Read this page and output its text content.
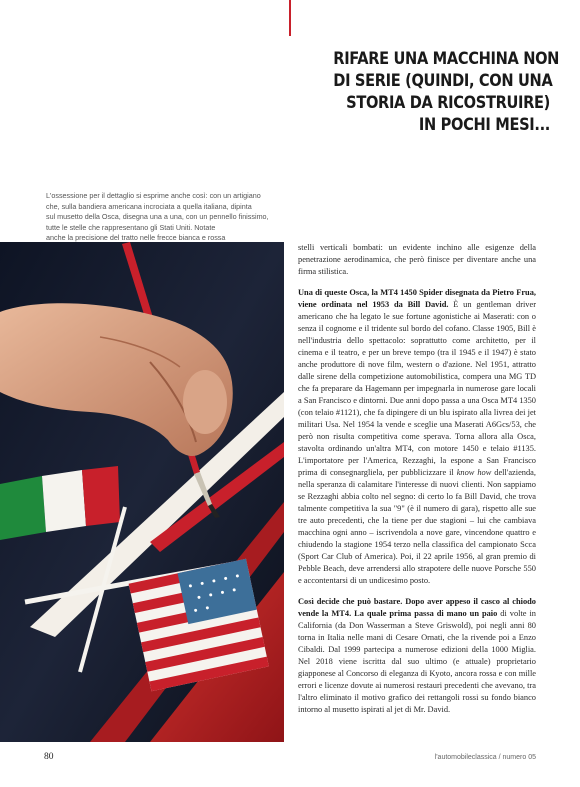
RIFARE UNA MACCHINA NON
DI SERIE (QUINDI, CON UNA
STORIA DA RICOSTRUIRE)
IN POCHI MESI...
L'ossessione per il dettaglio si esprime anche così: con un artigiano
che, sulla bandiera americana incrociata a quella italiana, dipinta
sul musetto della Osca, disegna una a una, con un pennello finissimo,
tutte le stelle che rappresentano gli Stati Uniti. Notate
anche la precisione del tratto nelle frecce bianca e rossa

stelli verticali bombati: un evidente inchino alle esigenze della penetrazione aerodinamica, che però finisce per diventare anche una firma stilistica.

Una di queste Osca, la MT4 1450 Spider disegnata da Pietro Frua, viene ordinata nel 1953 da Bill David. È un gentleman driver americano che ha legato le sue fortune agonistiche ai Maserati: con o senza il cognome e il tridente sul bordo del cofano. Classe 1905, Bill è nell'industria dello spettacolo: soprattutto come architetto, per il cinema e il teatro, e per un breve tempo (tra il 1945 e il 1947) è stato anche produttore di nove film, western o d'azione. Nel 1951, attratto dalle sirene della competizione automobilistica, compera una MG TD che fa preparare da Hagemann per impegnarla in numerose gare locali a San Francisco e dintorni. Due anni dopo passa a una Osca MT4 1350 (con telaio #1121), che fa dipingere di un blu ispirato alla livrea dei jet militari Usa. Nel 1954 la vende e sceglie una Maserati A6Gcs/53, che però non risulta competitiva come sperava. Torna allora alla Osca, stavolta ordinando un'altra MT4, con motore 1450 e telaio #1135. L'importatore per l'America, Rezzaghi, la espone a San Francisco prima di consegnargliela, per pubblicizzare il know how dell'azienda, nella speranza di calamitare l'interesse di nuovi clienti. Non sappiamo se Rezzaghi abbia colto nel segno: di certo lo fa Bill David, che trova talmente competitiva la sua "9" (è il numero di gara), rispetto alle sue tre auto precedenti, che la tiene per due stagioni – lui che cambiava macchina ogni anno – iscrivendola a nove gare, vincendone quattro e chiudendo la stagione 1954 terzo nella classifica del campionato Scca (Sport Car Club of America). Poi, il 22 aprile 1956, al gran premio di Pebble Beach, deve arrendersi allo strapotere delle nuove Porsche 550 e accontentarsi di un undicesimo posto.

Così decide che può bastare. Dopo aver appeso il casco al chiodo vende la MT4. La quale prima passa di mano un paio di volte in California (da Don Wasserman a Steve Griswold), poi negli anni 80 torna in Italia nelle mani di Cesare Ornati, che la rivende poi a Enzo Cibaldi. Dal 1999 partecipa a numerose edizioni della 1000 Miglia. Nel 2018 viene iscritta dal suo ultimo (e attuale) proprietario giapponese al Concorso di eleganza di Kyoto, ancora rossa e con mille errori e licenze dovute ai numerosi restauri precedenti che avevano, tra l'altro eliminato il motivo grafico dei rettangoli rossi su fondo bianco intorno al musetto ispirati al jet di Mr. David.

80	l'automobileclassica / numero 05
